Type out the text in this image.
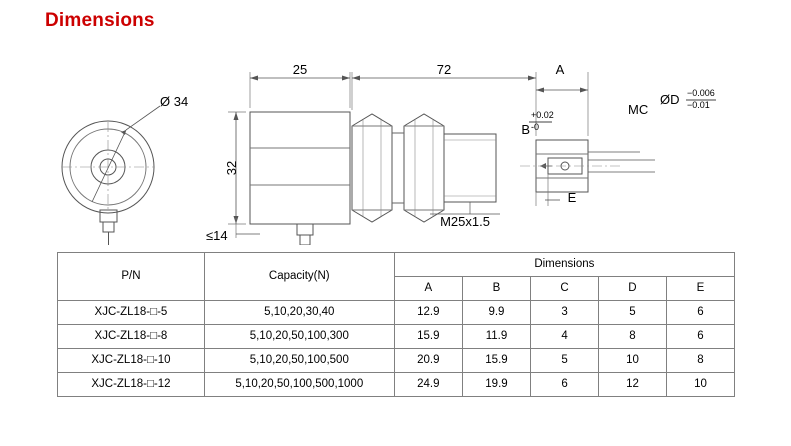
Dimensions
25	72	A
32
Ø 34
≤14
M25x1.5
B
E
MC
ØD
+0.02
-0
−0.006
−0.01
P/N	Capacity(N)	Dimensions				
		A	B	C	D	E
XJC-ZL18-□-5	5,10,20,30,40	12.9	9.9	3	5	6
XJC-ZL18-□-8	5,10,20,50,100,300	15.9	11.9	4	8	6
XJC-ZL18-□-10	5,10,20,50,100,500	20.9	15.9	5	10	8
XJC-ZL18-□-12	5,10,20,50,100,500,1000	24.9	19.9	6	12	10
